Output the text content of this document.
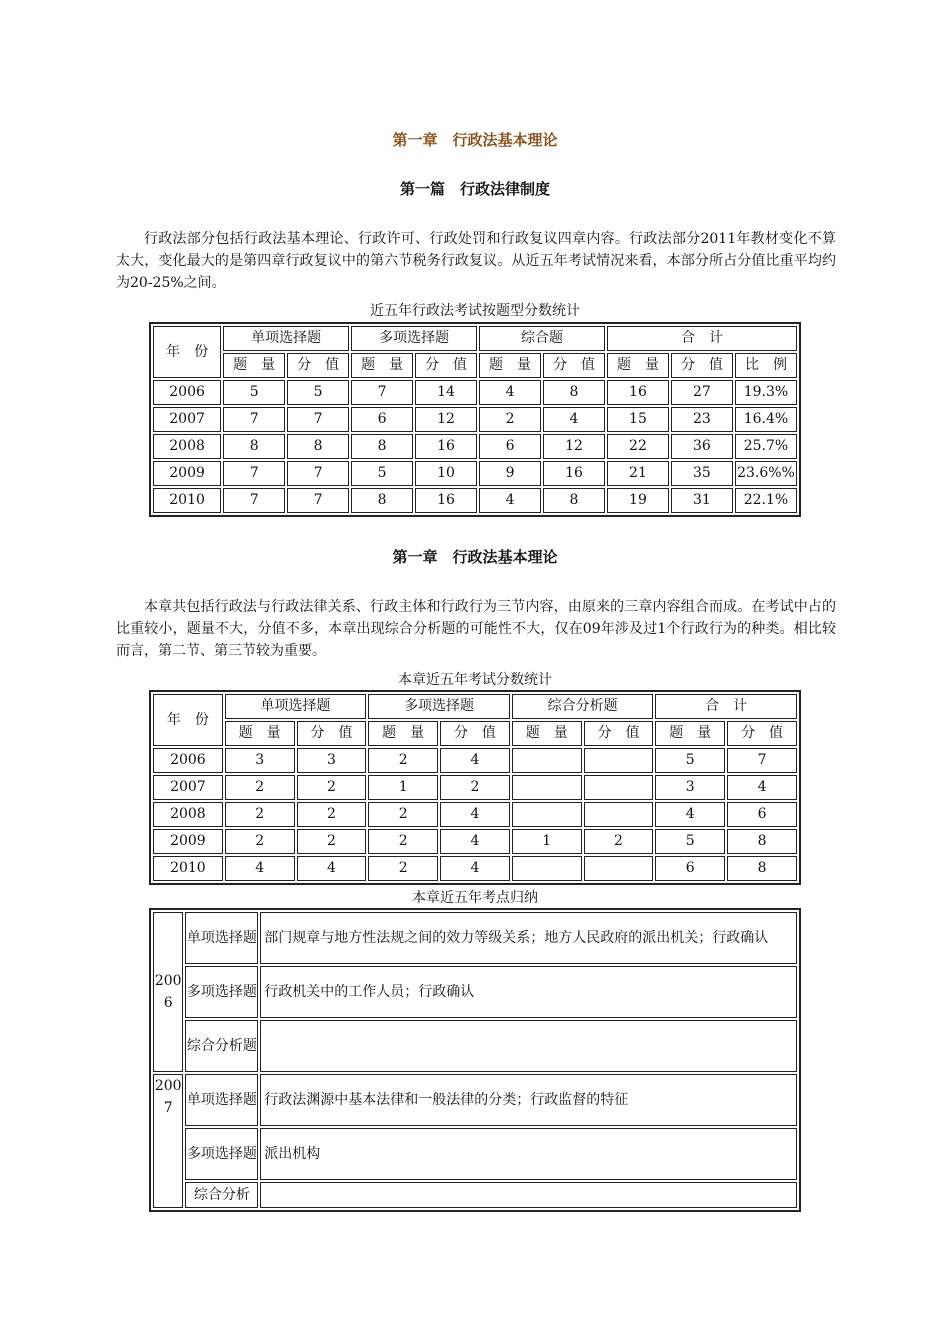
第一章　行政法基本理论
第一篇　行政法律制度
行政法部分包括行政法基本理论、行政许可、行政处罚和行政复议四章内容。行政法部分2011年教材变化不算太大，变化最大的是第四章行政复议中的第六节税务行政复议。从近五年考试情况来看，本部分所占分值比重平均约为20-25%之间。
近五年行政法考试按题型分数统计
年　份	单项选择题		多项选择题		综合题		合　计		
	题　量	分　值	题　量	分　值	题　量	分　值	题　量	分　值	比　例
2006	5	5	7	14	4	8	16	27	19.3%
2007	7	7	6	12	2	4	15	23	16.4%
2008	8	8	8	16	6	12	22	36	25.7%
2009	7	7	5	10	9	16	21	35	23.6%%
2010	7	7	8	16	4	8	19	31	22.1%
第一章　行政法基本理论
本章共包括行政法与行政法律关系、行政主体和行政行为三节内容，由原来的三章内容组合而成。在考试中占的比重较小，题量不大，分值不多，本章出现综合分析题的可能性不大，仅在09年涉及过1个行政行为的种类。相比较而言，第二节、第三节较为重要。
本章近五年考试分数统计
年　份	单项选择题		多项选择题		综合分析题		合　计	
	题　量	分　值	题　量	分　值	题　量	分　值	题　量	分　值
2006	3	3	2	4			5	7
2007	2	2	1	2			3	4
2008	2	2	2	4			4	6
2009	2	2	2	4	1	2	5	8
2010	4	4	2	4			6	8
本章近五年考点归纳
2006	单项选择题	部门规章与地方性法规之间的效力等级关系；地方人民政府的派出机关；行政确认
	多项选择题	行政机关中的工作人员；行政确认
	综合分析题	
2007	单项选择题	行政法渊源中基本法律和一般法律的分类；行政监督的特征
	多项选择题	派出机构
	综合分析	
